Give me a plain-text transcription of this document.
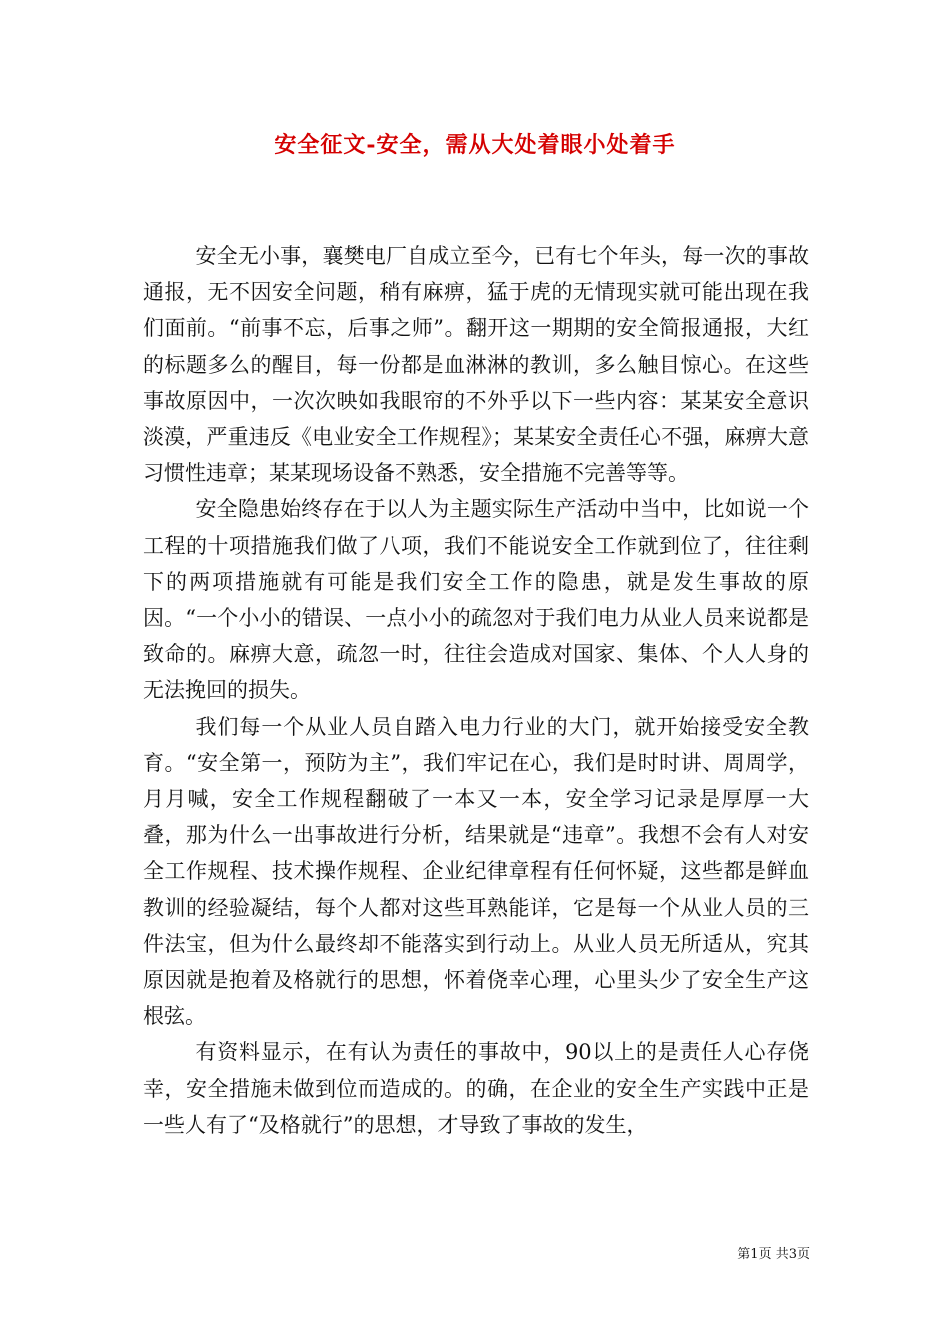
安全征文-安全，需从大处着眼小处着手

安全无小事，襄樊电厂自成立至今，已有七个年头，每一次的事故通报，无不因安全问题，稍有麻痹，猛于虎的无情现实就可能出现在我们面前。“前事不忘，后事之师”。翻开这一期期的安全简报通报，大红的标题多么的醒目，每一份都是血淋淋的教训，多么触目惊心。在这些事故原因中，一次次映如我眼帘的不外乎以下一些内容：某某安全意识淡漠，严重违反《电业安全工作规程》；某某安全责任心不强，麻痹大意习惯性违章；某某现场设备不熟悉，安全措施不完善等等。

安全隐患始终存在于以人为主题实际生产活动中当中，比如说一个工程的十项措施我们做了八项，我们不能说安全工作就到位了，往往剩下的两项措施就有可能是我们安全工作的隐患，就是发生事故的原因。“一个小小的错误、一点小小的疏忽对于我们电力从业人员来说都是致命的。麻痹大意，疏忽一时，往往会造成对国家、集体、个人人身的无法挽回的损失。

我们每一个从业人员自踏入电力行业的大门，就开始接受安全教育。“安全第一，预防为主”，我们牢记在心，我们是时时讲、周周学，月月喊，安全工作规程翻破了一本又一本，安全学习记录是厚厚一大叠，那为什么一出事故进行分析，结果就是“违章”。我想不会有人对安全工作规程、技术操作规程、企业纪律章程有任何怀疑，这些都是鲜血教训的经验凝结，每个人都对这些耳熟能详，它是每一个从业人员的三件法宝，但为什么最终却不能落实到行动上。从业人员无所适从，究其原因就是抱着及格就行的思想，怀着侥幸心理，心里头少了安全生产这根弦。

有资料显示，在有认为责任的事故中，90以上的是责任人心存侥幸，安全措施未做到位而造成的。的确，在企业的安全生产实践中正是一些人有了“及格就行”的思想，才导致了事故的发生，

第1页 共3页
